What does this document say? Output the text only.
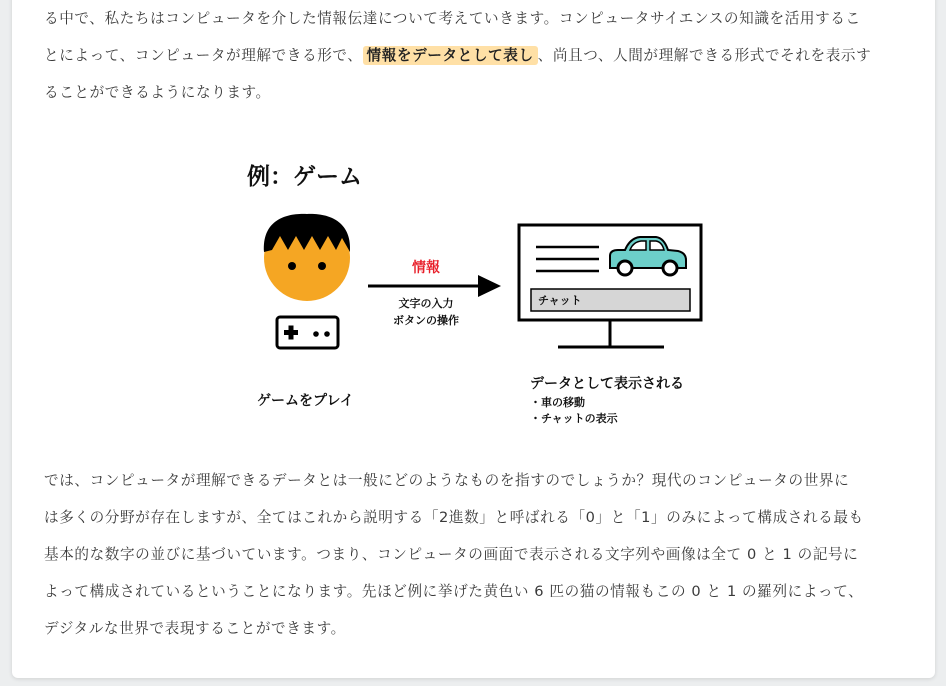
る中で、私たちはコンピュータを介した情報伝達について考えていきます。コンピュータサイエンスの知識を活用するこ
とによって、コンピュータが理解できる形で、 情報をデータとして表し 、尚且つ、人間が理解できる形式でそれを表示す
ることができるようになります。
例：ゲーム
ゲームをプレイ
情報
文字の入力
ボタンの操作
チャット
データとして表示される
・車の移動
・チャットの表示
では、コンピュータが理解できるデータとは一般にどのようなものを指すのでしょうか？現代のコンピュータの世界に
は多くの分野が存在しますが、全てはこれから説明する「2進数」と呼ばれる「0」と「1」のみによって構成される最も
基本的な数字の並びに基づいています。つまり、コンピュータの画面で表示される文字列や画像は全て 0 と 1 の記号に
よって構成されているということになります。先ほど例に挙げた黄色い 6 匹の猫の情報もこの 0 と 1 の羅列によって、
デジタルな世界で表現することができます。
